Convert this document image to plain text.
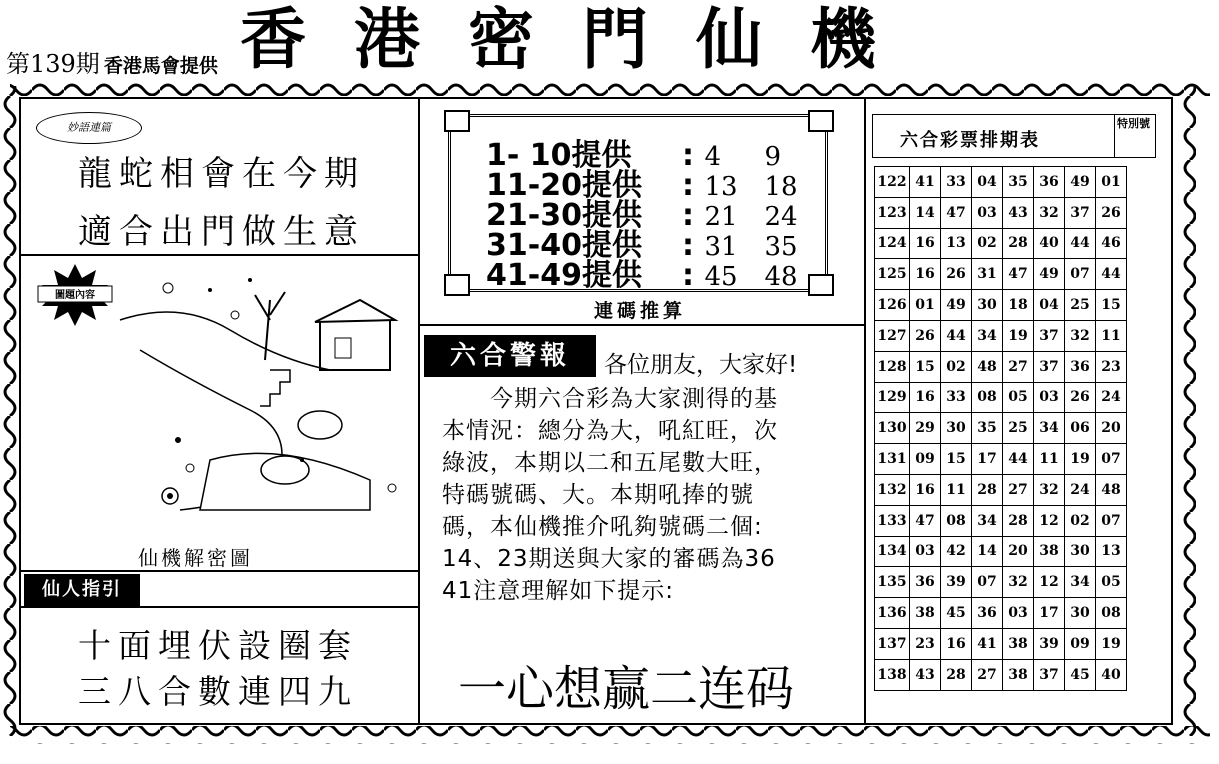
第139期 香港馬會提供 香港密門仙機
妙語連篇
龍蛇相會在今期
適合出門做生意
圖題內容
仙機解密圖
仙人指引
十面埋伏設圈套
三八合數連四九
1- 10提供 : 4 9
11-20提供 : 13 18
21-30提供 : 21 24
31-40提供 : 31 35
41-49提供 : 45 48
連碼推算
六合警報	各位朋友，大家好!
　　今期六合彩為大家測得的基
本情況：總分為大，吼紅旺，次
綠波，本期以二和五尾數大旺，
特碼號碼、大。本期吼捧的號
碼，本仙機推介吼夠號碼二個:
14、23期送與大家的審碼為36
41注意理解如下提示:
一心想赢二连码
六合彩票排期表
特別號
122	41	33	04	35	36	49	01
123	14	47	03	43	32	37	26
124	16	13	02	28	40	44	46
125	16	26	31	47	49	07	44
126	01	49	30	18	04	25	15
127	26	44	34	19	37	32	11
128	15	02	48	27	37	36	23
129	16	33	08	05	03	26	24
130	29	30	35	25	34	06	20
131	09	15	17	44	11	19	07
132	16	11	28	27	32	24	48
133	47	08	34	28	12	02	07
134	03	42	14	20	38	30	13
135	36	39	07	32	12	34	05
136	38	45	36	03	17	30	08
137	23	16	41	38	39	09	19
138	43	28	27	38	37	45	40
